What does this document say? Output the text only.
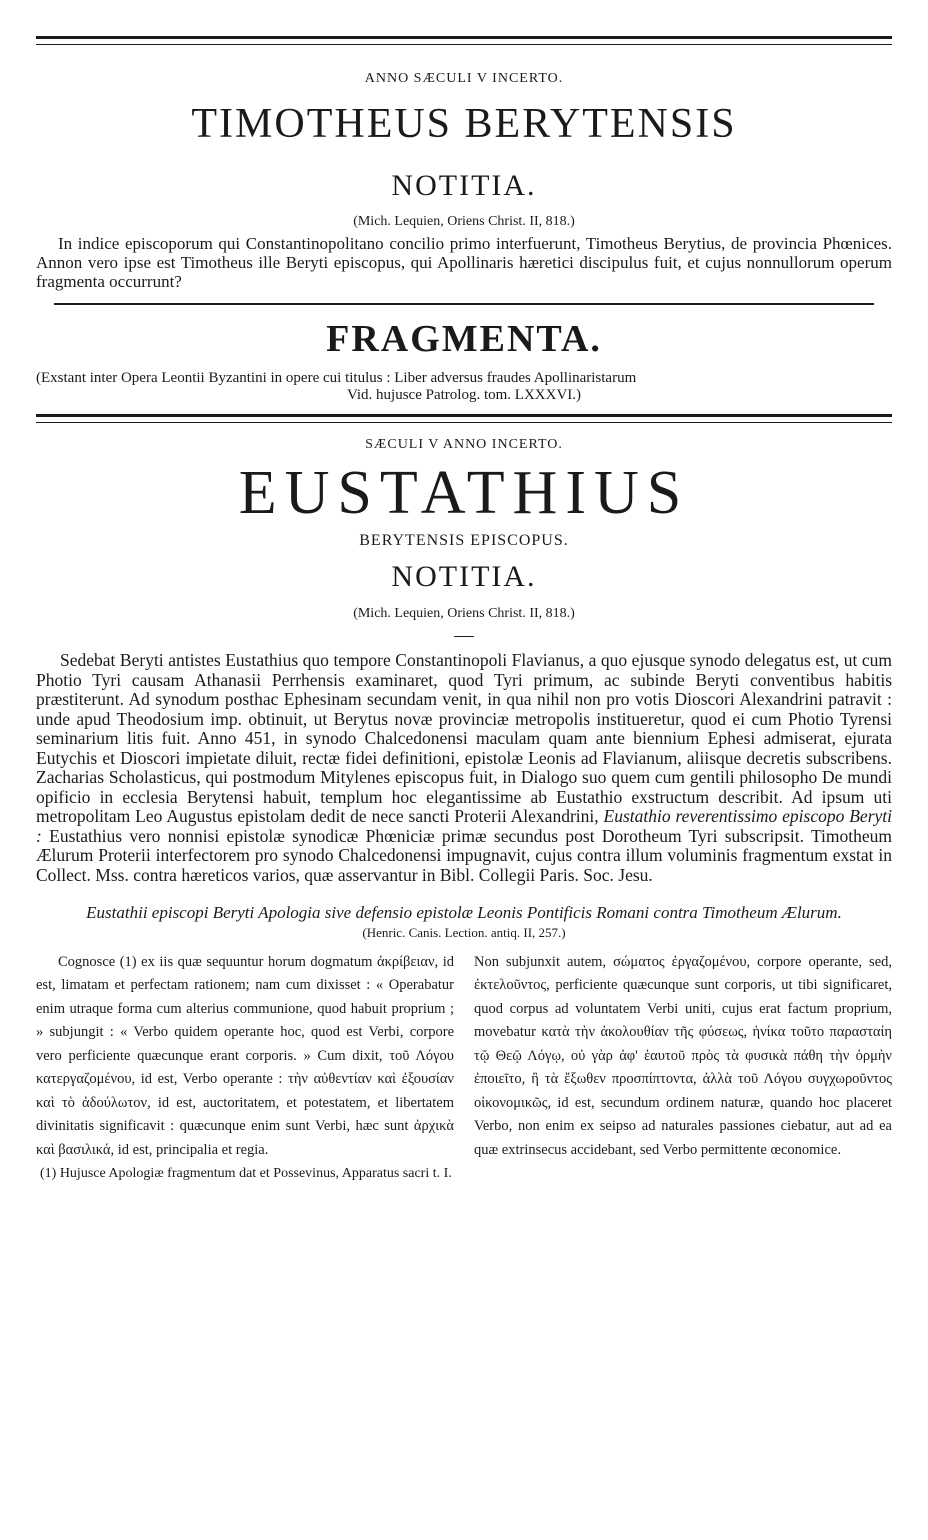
ANNO SÆCULI V INCERTO.
TIMOTHEUS BERYTENSIS
NOTITIA.
(Mich. Lequien, Oriens Christ. II, 818.)

In indice episcoporum qui Constantinopolitano concilio primo interfuerunt, Timotheus Berytius, de provincia Phœnices. Annon vero ipse est Timotheus ille Beryti episcopus, qui Apollinaris hæretici discipulus fuit, et cujus nonnullorum operum fragmenta occurrunt?

FRAGMENTA.
(Exstant inter Opera Leontii Byzantini in opere cui titulus : Liber adversus fraudes Apollinaristarum
Vid. hujusce Patrolog. tom. LXXXVI.)
SÆCULI V ANNO INCERTO.
EUSTATHIUS
BERYTENSIS EPISCOPUS.
NOTITIA.
(Mich. Lequien, Oriens Christ. II, 818.)

Sedebat Beryti antistes Eustathius quo tempore Constantinopoli Flavianus, a quo ejusque synodo delegatus est, ut cum Photio Tyri causam Athanasii Perrhensis examinaret, quod Tyri primum, ac subinde Beryti conventibus habitis præstiterunt. Ad synodum posthac Ephesinam secundam venit, in qua nihil non pro votis Dioscori Alexandrini patravit : unde apud Theodosium imp. obtinuit, ut Berytus novæ provinciæ metropolis institueretur, quod ei cum Photio Tyrensi seminarium litis fuit. Anno 451, in synodo Chalcedonensi maculam quam ante biennium Ephesi admiserat, ejurata Eutychis et Dioscori impietate diluit, rectæ fidei definitioni, epistolæ Leonis ad Flavianum, aliisque decretis subscribens. Zacharias Scholasticus, qui postmodum Mitylenes episcopus fuit, in Dialogo suo quem cum gentili philosopho De mundi opificio in ecclesia Berytensi habuit, templum hoc elegantissime ab Eustathio exstructum describit. Ad ipsum uti metropolitam Leo Augustus epistolam dedit de nece sancti Proterii Alexandrini, Eustathio reverentissimo episcopo Beryti : Eustathius vero nonnisi epistolæ synodicæ Phœniciæ primæ secundus post Dorotheum Tyri subscripsit. Timotheum Ælurum Proterii interfectorem pro synodo Chalcedonensi impugnavit, cujus contra illum voluminis fragmentum exstat in Collect. Mss. contra hæreticos varios, quæ asservantur in Bibl. Collegii Paris. Soc. Jesu.

Eustathii episcopi Beryti Apologia sive defensio epistolæ Leonis Pontificis Romani contra Timotheum Ælurum.
(Henric. Canis. Lection. antiq. II, 257.)
Cognosce (1) ex iis quæ sequuntur horum dogmatum ἀκρίβειαν, id est, limatam et perfectam rationem; nam cum dixisset : « Operabatur enim utraque forma cum alterius communione, quod habuit proprium ; » subjungit : « Verbo quidem operante hoc, quod est Verbi, corpore vero perficiente quæcunque erant corporis. » Cum dixit, τοῦ Λόγου κατεργαζομένου, id est, Verbo operante : τὴν αὐθεντίαν καὶ ἐξουσίαν καὶ τὸ ἀδούλωτον, id est, auctoritatem, et potestatem, et libertatem divinitatis significavit : quæcunque enim sunt Verbi, hæc sunt ἀρχικὰ καὶ βασιλικά, id est, principalia et regia.
Non subjunxit autem, σώματος ἐργαζομένου, corpore operante, sed, ἐκτελοῦντος, perficiente quæcunque sunt corporis, ut tibi significaret, quod corpus ad voluntatem Verbi uniti, cujus erat factum proprium, movebatur κατὰ τὴν ἀκολουθίαν τῆς φύσεως, ἡνίκα τοῦτο παρασταίη τῷ Θεῷ Λόγῳ, οὐ γὰρ ἀφ' ἑαυτοῦ πρὸς τὰ φυσικὰ πάθη τὴν ὁρμὴν ἐποιεῖτο, ἢ τὰ ἔξωθεν προσπίπτοντα, ἀλλὰ τοῦ Λόγου συγχωροῦντος οἰκονομικῶς, id est, secundum ordinem naturæ, quando hoc placeret Verbo, non enim ex seipso ad naturales passiones ciebatur, aut ad ea quæ extrinsecus accidebant, sed Verbo permittente œconomice.
(1) Hujusce Apologiæ fragmentum dat et Possevinus, Apparatus sacri t. I.
